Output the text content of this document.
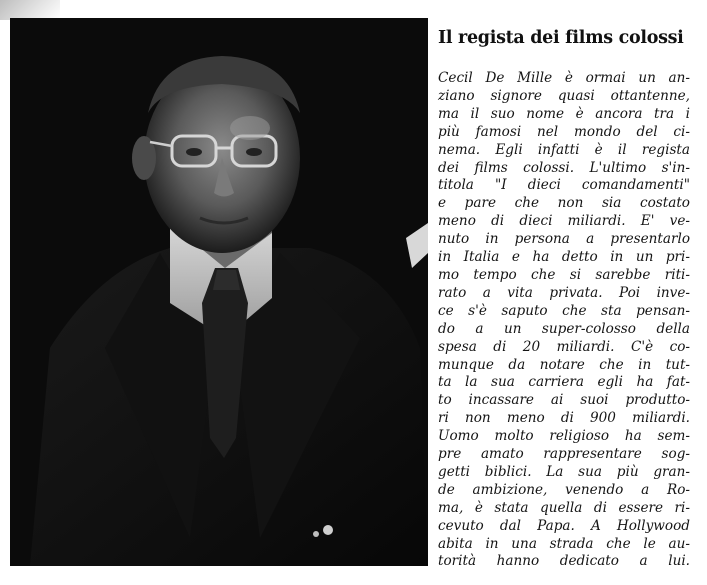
Il regista dei films colossi

Cecil De Mille è ormai un an-
ziano signore quasi ottantenne,
ma il suo nome è ancora tra i
più famosi nel mondo del ci-
nema. Egli infatti è il regista
dei films colossi. L'ultimo s'in-
titola "I dieci comandamenti"
e pare che non sia costato
meno di dieci miliardi. E' ve-
nuto in persona a presentarlo
in Italia e ha detto in un pri-
mo tempo che si sarebbe riti-
rato a vita privata. Poi inve-
ce s'è saputo che sta pensan-
do a un super-colosso della
spesa di 20 miliardi. C'è co-
munque da notare che in tut-
ta la sua carriera egli ha fat-
to incassare ai suoi produtto-
ri non meno di 900 miliardi.
Uomo molto religioso ha sem-
pre amato rappresentare sog-
getti biblici. La sua più gran-
de ambizione, venendo a Ro-
ma, è stata quella di essere ri-
cevuto dal Papa. A Hollywood
abita in una strada che le au-
torità hanno dedicato a lui.
